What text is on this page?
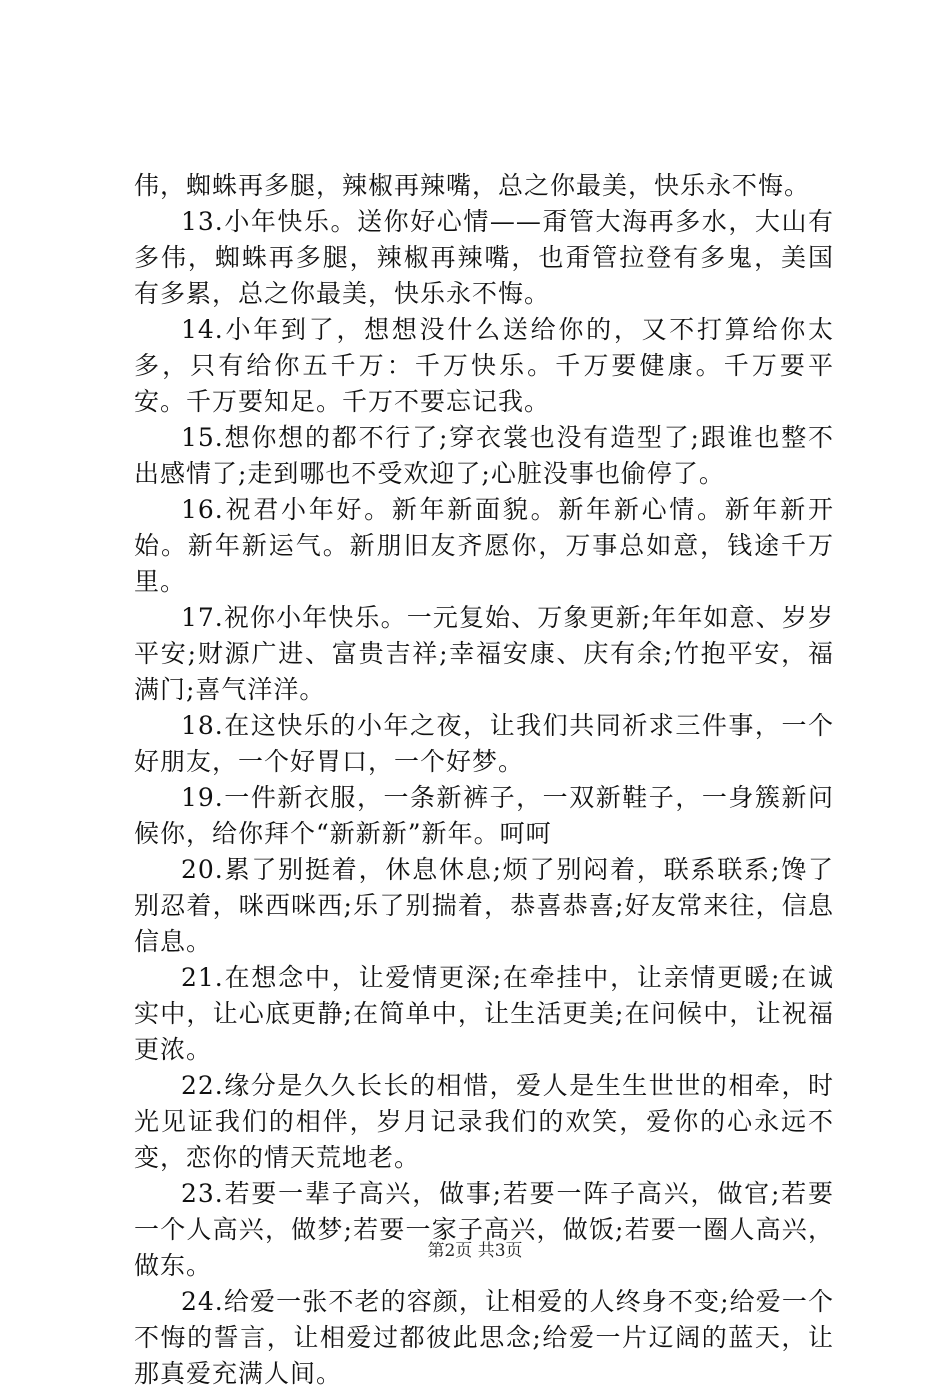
伟，蜘蛛再多腿，辣椒再辣嘴，总之你最美，快乐永不悔。

13.小年快乐。送你好心情——甭管大海再多水，大山有多伟，蜘蛛再多腿，辣椒再辣嘴，也甭管拉登有多鬼，美国有多累，总之你最美，快乐永不悔。

14.小年到了，想想没什么送给你的，又不打算给你太多，只有给你五千万：千万快乐。千万要健康。千万要平安。千万要知足。千万不要忘记我。

15.想你想的都不行了;穿衣裳也没有造型了;跟谁也整不出感情了;走到哪也不受欢迎了;心脏没事也偷停了。

16.祝君小年好。新年新面貌。新年新心情。新年新开始。新年新运气。新朋旧友齐愿你，万事总如意，钱途千万里。

17.祝你小年快乐。一元复始、万象更新;年年如意、岁岁平安;财源广进、富贵吉祥;幸福安康、庆有余;竹抱平安，福满门;喜气洋洋。

18.在这快乐的小年之夜，让我们共同祈求三件事，一个好朋友，一个好胃口，一个好梦。

19.一件新衣服，一条新裤子，一双新鞋子，一身簇新问候你，给你拜个“新新新”新年。呵呵

20.累了别挺着，休息休息;烦了别闷着，联系联系;馋了别忍着，咪西咪西;乐了别揣着，恭喜恭喜;好友常来往，信息信息。

21.在想念中，让爱情更深;在牵挂中，让亲情更暖;在诚实中，让心底更静;在简单中，让生活更美;在问候中，让祝福更浓。

22.缘分是久久长长的相惜，爱人是生生世世的相牵，时光见证我们的相伴，岁月记录我们的欢笑，爱你的心永远不变，恋你的情天荒地老。

23.若要一辈子高兴，做事;若要一阵子高兴，做官;若要一个人高兴，做梦;若要一家子高兴，做饭;若要一圈人高兴，做东。

24.给爱一张不老的容颜，让相爱的人终身不变;给爱一个不悔的誓言，让相爱过都彼此思念;给爱一片辽阔的蓝天，让那真爱充满人间。

第2页 共3页
